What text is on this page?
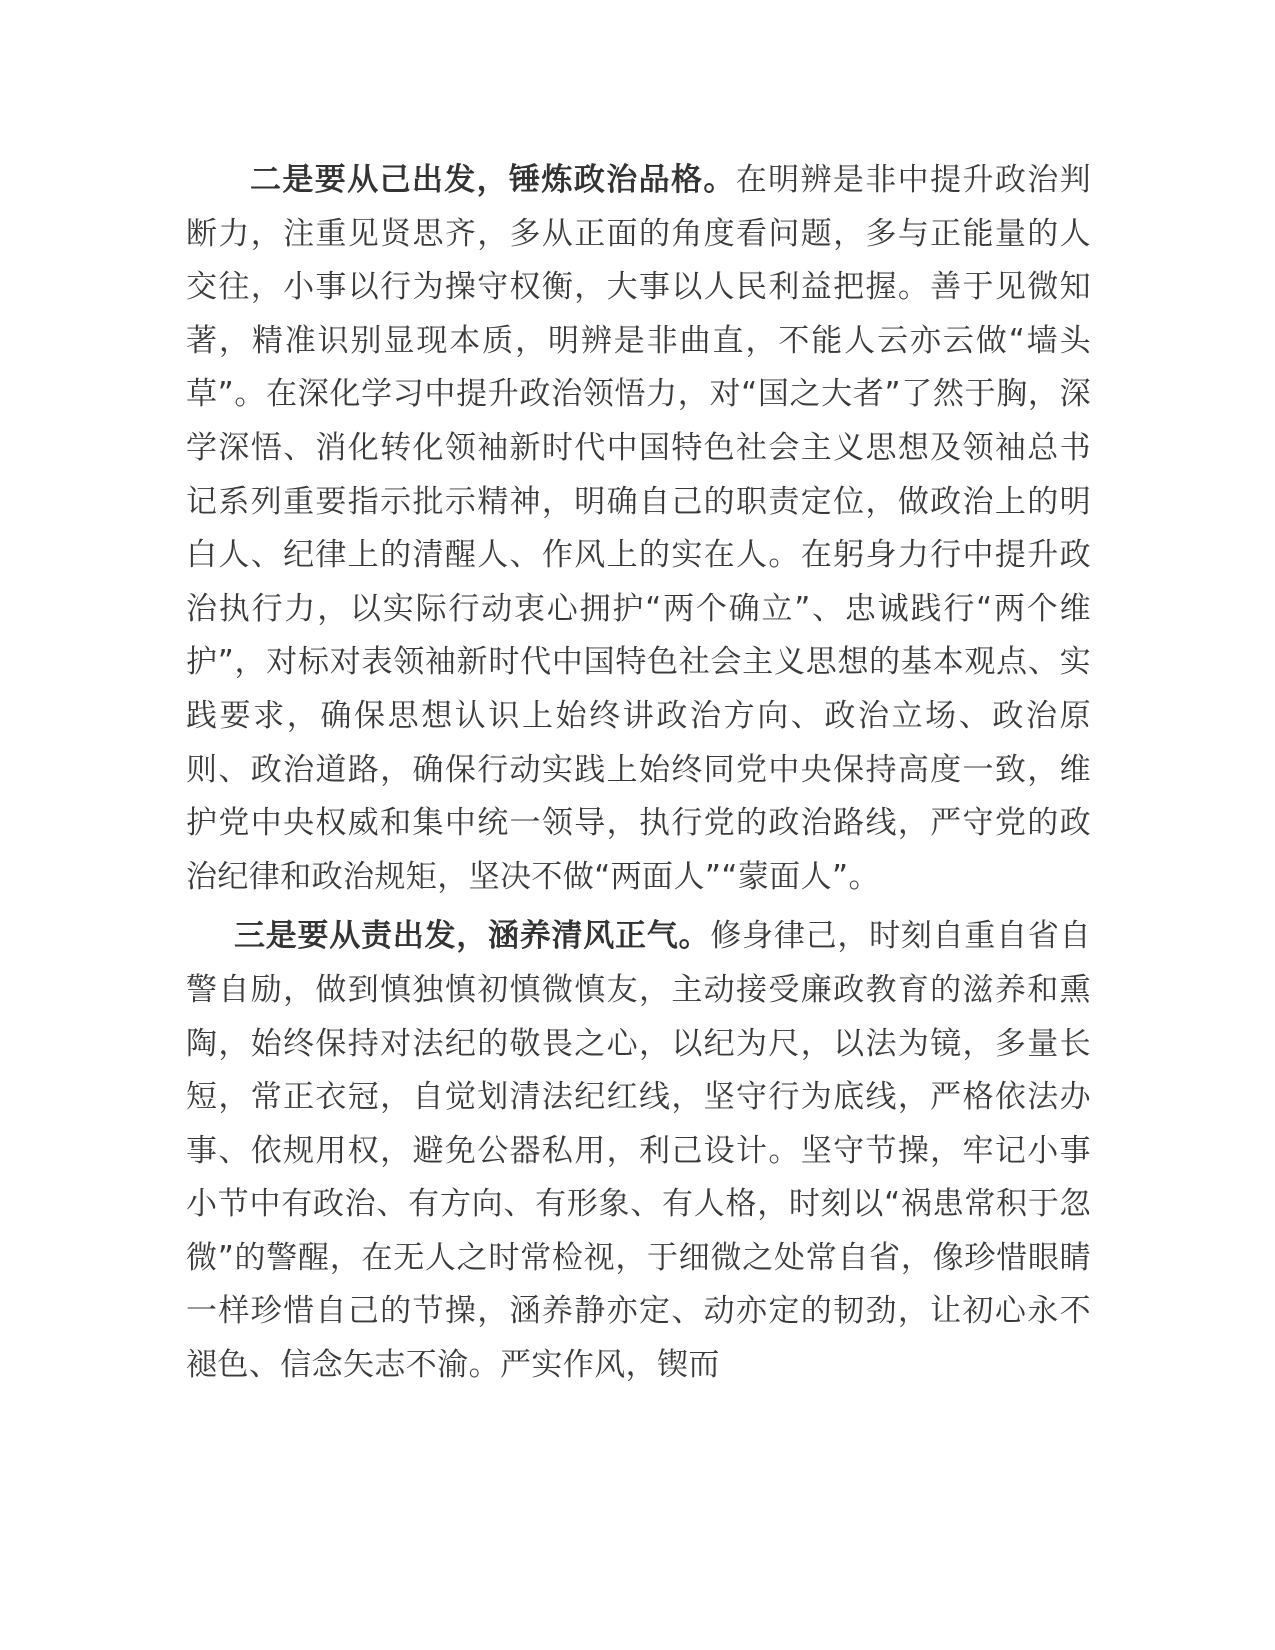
二是要从己出发，锤炼政治品格。在明辨是非中提升政治判断力，注重见贤思齐，多从正面的角度看问题，多与正能量的人交往，小事以行为操守权衡，大事以人民利益把握。善于见微知著，精准识别显现本质，明辨是非曲直，不能人云亦云做“墙头草”。在深化学习中提升政治领悟力，对“国之大者”了然于胸，深学深悟、消化转化领袖新时代中国特色社会主义思想及领袖总书记系列重要指示批示精神，明确自己的职责定位，做政治上的明白人、纪律上的清醒人、作风上的实在人。在躬身力行中提升政治执行力，以实际行动衷心拥护“两个确立”、忠诚践行“两个维护”，对标对表领袖新时代中国特色社会主义思想的基本观点、实践要求，确保思想认识上始终讲政治方向、政治立场、政治原则、政治道路，确保行动实践上始终同党中央保持高度一致，维护党中央权威和集中统一领导，执行党的政治路线，严守党的政治纪律和政治规矩，坚决不做“两面人”“蒙面人”。

三是要从责出发，涵养清风正气。修身律己，时刻自重自省自警自励，做到慎独慎初慎微慎友，主动接受廉政教育的滋养和熏陶，始终保持对法纪的敬畏之心，以纪为尺，以法为镜，多量长短，常正衣冠，自觉划清法纪红线，坚守行为底线，严格依法办事、依规用权，避免公器私用，利己设计。坚守节操，牢记小事小节中有政治、有方向、有形象、有人格，时刻以“祸患常积于忽微”的警醒，在无人之时常检视，于细微之处常自省，像珍惜眼睛一样珍惜自己的节操，涵养静亦定、动亦定的韧劲，让初心永不褪色、信念矢志不渝。严实作风，锲而
